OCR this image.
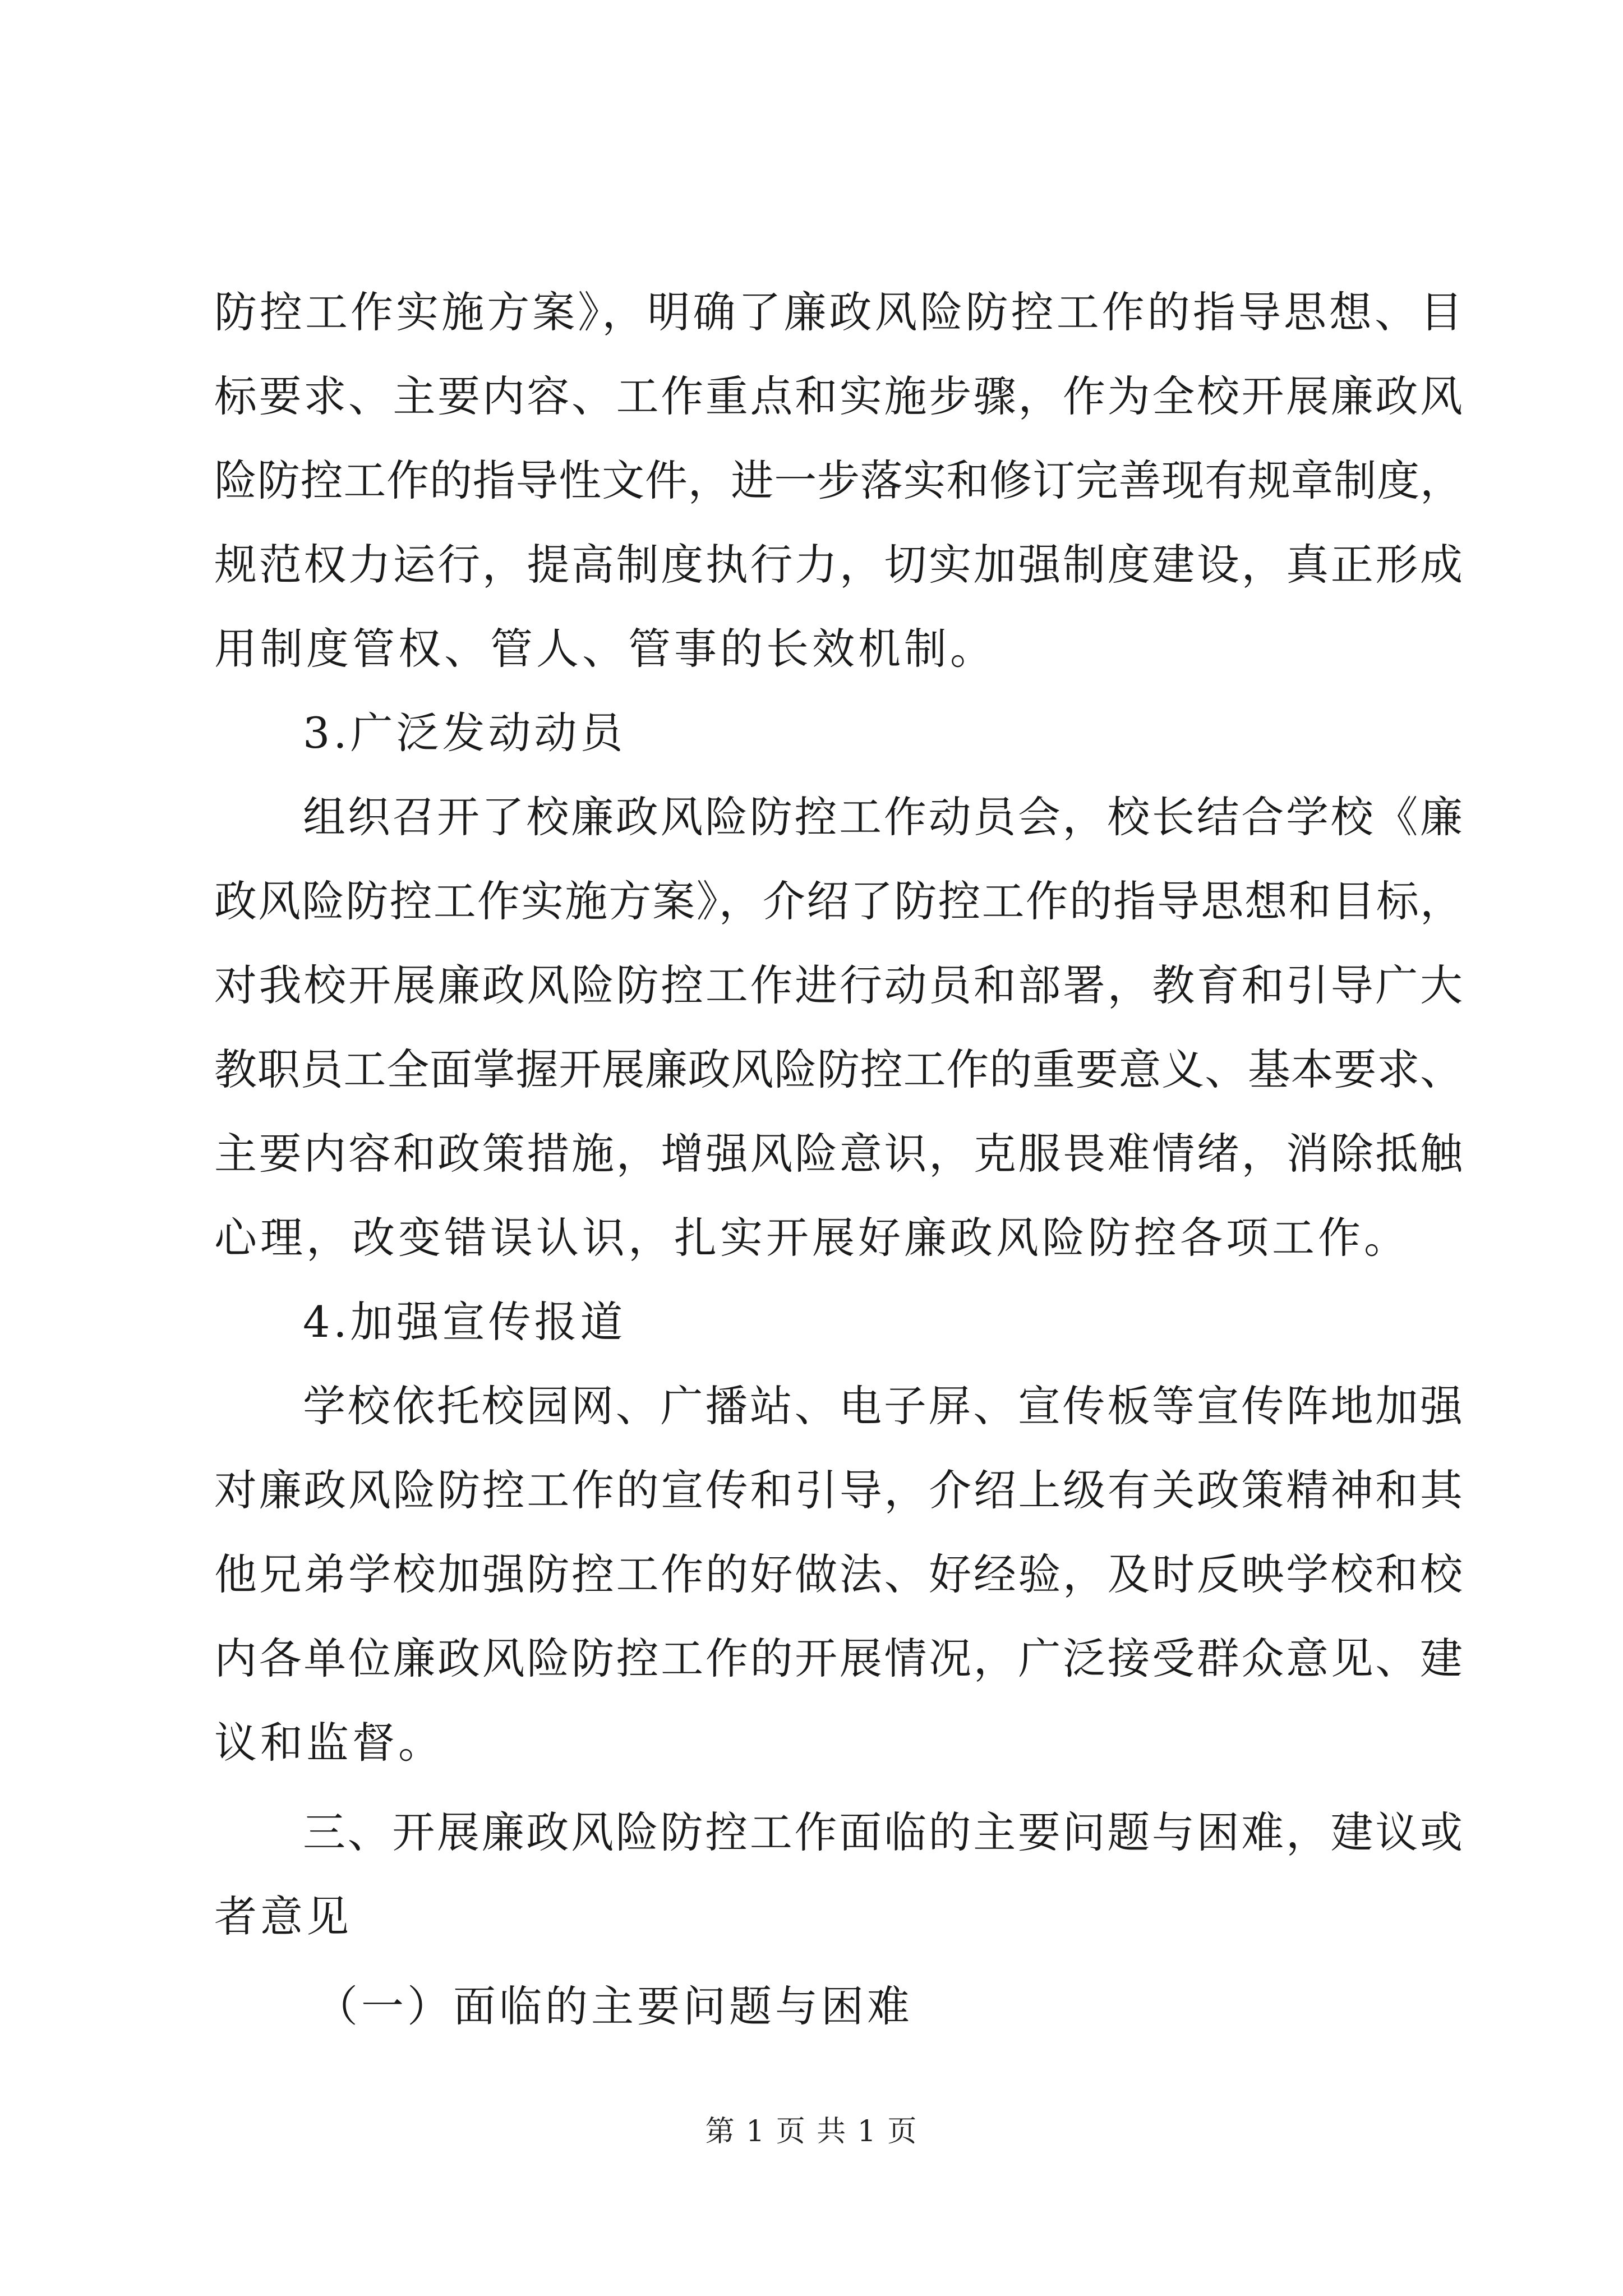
防控工作实施方案》，明确了廉政风险防控工作的指导思想、目
标要求、主要内容、工作重点和实施步骤，作为全校开展廉政风
险防控工作的指导性文件，进一步落实和修订完善现有规章制度，
规范权力运行，提高制度执行力，切实加强制度建设，真正形成
用制度管权、管人、管事的长效机制。
3.广泛发动动员
组织召开了校廉政风险防控工作动员会，校长结合学校《廉
政风险防控工作实施方案》，介绍了防控工作的指导思想和目标，
对我校开展廉政风险防控工作进行动员和部署，教育和引导广大
教职员工全面掌握开展廉政风险防控工作的重要意义、基本要求、
主要内容和政策措施，增强风险意识，克服畏难情绪，消除抵触
心理，改变错误认识，扎实开展好廉政风险防控各项工作。
4.加强宣传报道
学校依托校园网、广播站、电子屏、宣传板等宣传阵地加强
对廉政风险防控工作的宣传和引导，介绍上级有关政策精神和其
他兄弟学校加强防控工作的好做法、好经验，及时反映学校和校
内各单位廉政风险防控工作的开展情况，广泛接受群众意见、建
议和监督。
三、开展廉政风险防控工作面临的主要问题与困难，建议或
者意见
（一）面临的主要问题与困难
第 1 页 共 1 页
